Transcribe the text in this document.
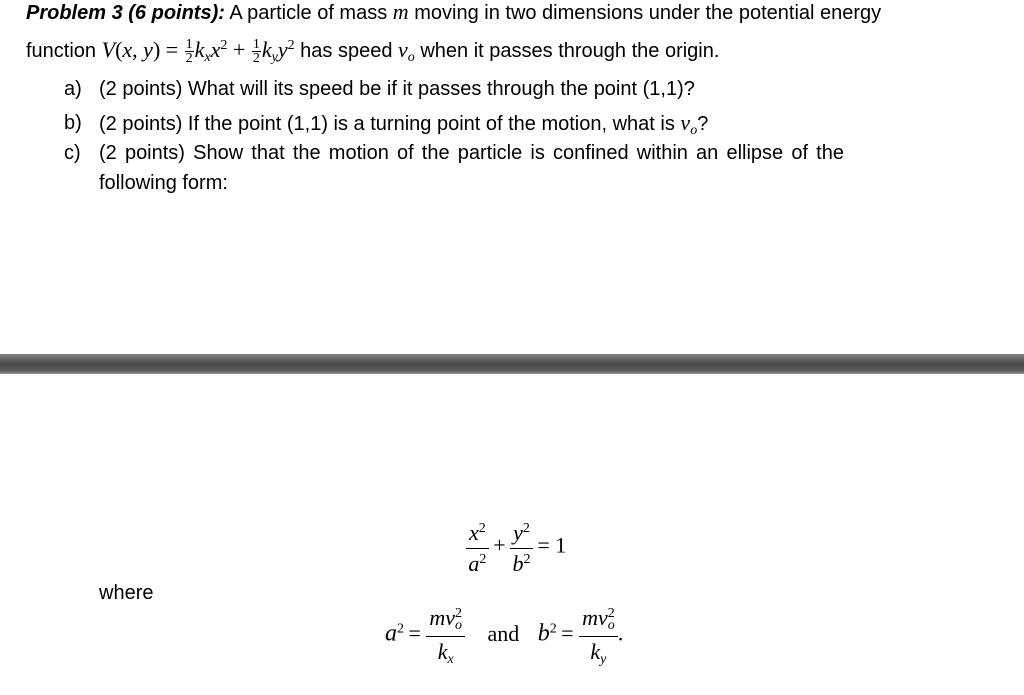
Problem 3 (6 points): A particle of mass m moving in two dimensions under the potential energy
function V(x, $y) = \frac{1}{2} k_xx^2 + \frac{1}{2} k_yy^2$ has speed $v_o$ when it passes through the origin.
a) (2 points) What will its speed be if it passes through the point (1,1)?
b) (2 points) If the point (1,1) is a turning point of the motion, what is $v_o$?
c) (2 points) Show that the motion of the particle is confined within an ellipse of the
following form:
$\frac{x^2}{a^2} + \frac{y^2}{b^2} = 1$
where
$a^2 = \frac{mv_o^2}{k_x}$ and $b^2 = \frac{mv_o^2}{k_y}$ .
